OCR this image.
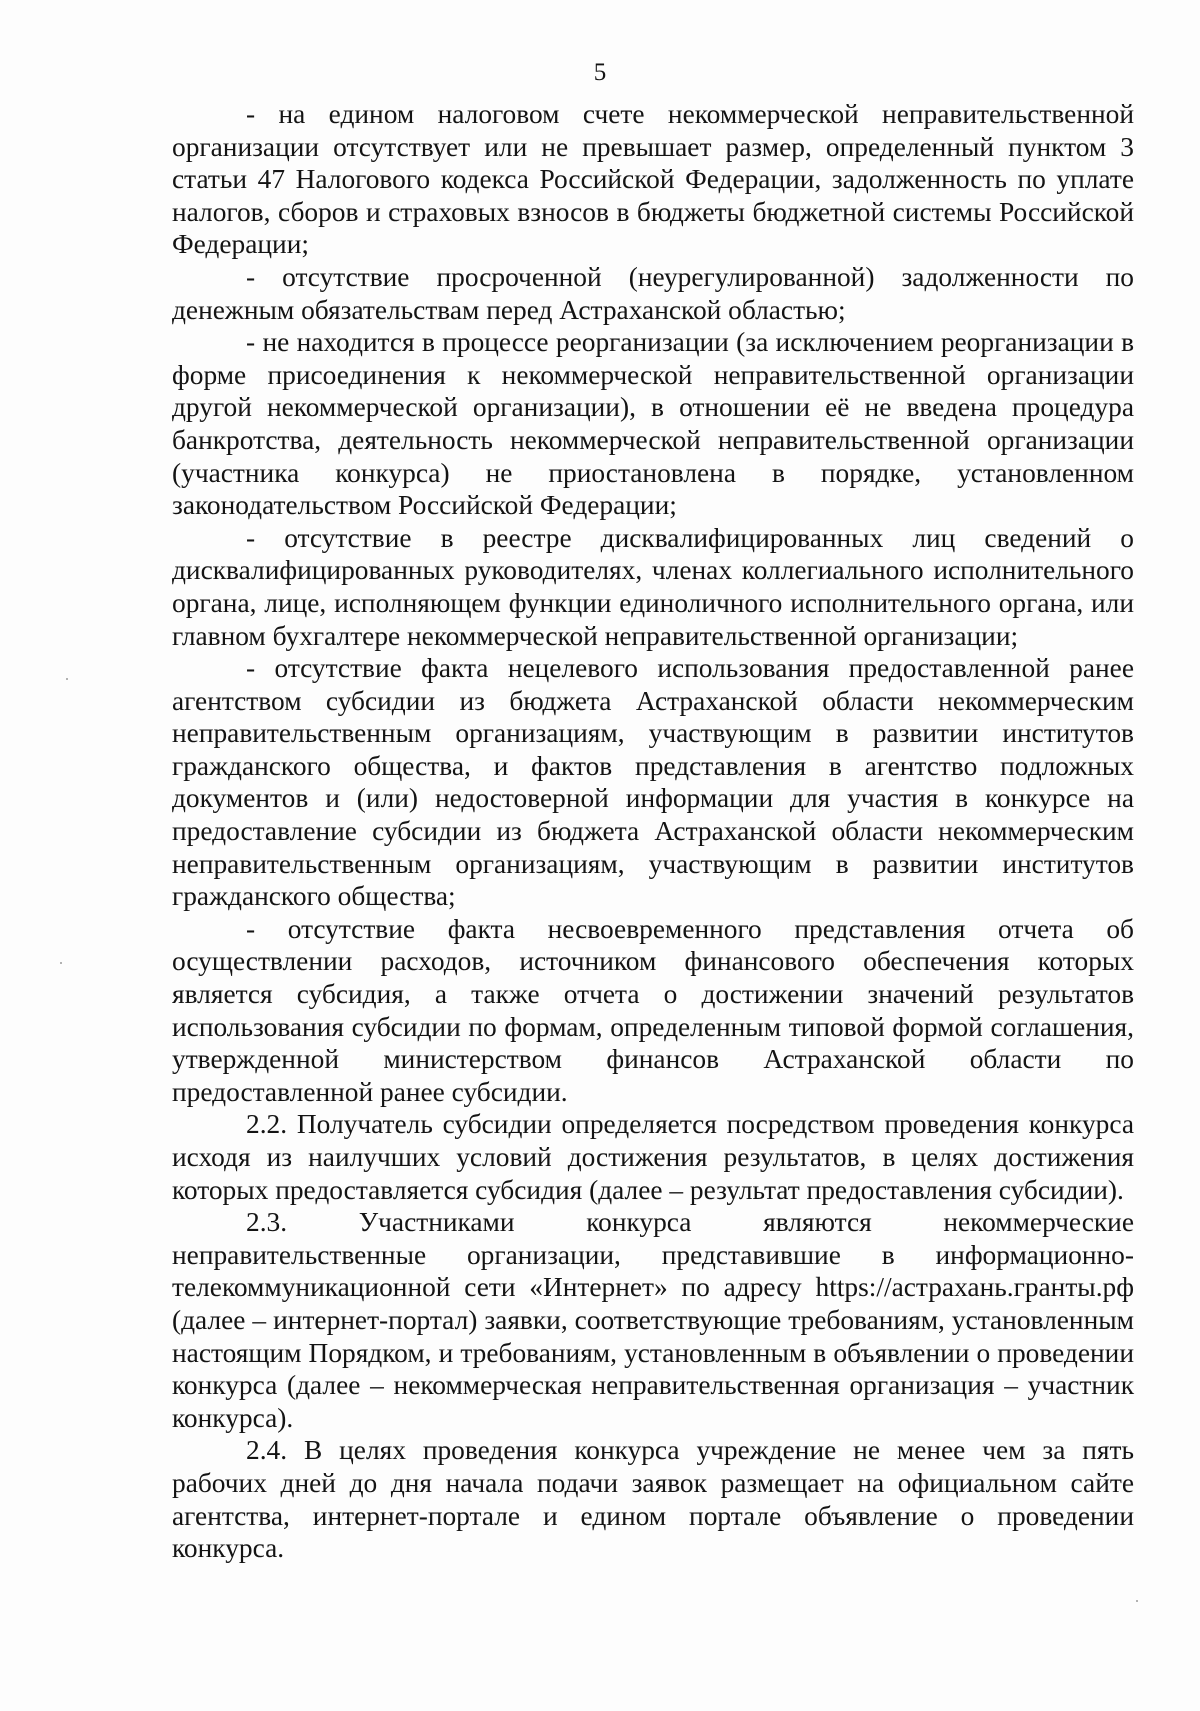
5

- на едином налоговом счете некоммерческой неправительственной организации отсутствует или не превышает размер, определенный пунктом 3 статьи 47 Налогового кодекса Российской Федерации, задолженность по уплате налогов, сборов и страховых взносов в бюджеты бюджетной системы Российской Федерации;

- отсутствие просроченной (неурегулированной) задолженности по денежным обязательствам перед Астраханской областью;

- не находится в процессе реорганизации (за исключением реорганизации в форме присоединения к некоммерческой неправительственной организации другой некоммерческой организации), в отношении её не введена процедура банкротства, деятельность некоммерческой неправительственной организации (участника конкурса) не приостановлена в порядке, установленном законодательством Российской Федерации;

- отсутствие в реестре дисквалифицированных лиц сведений о дисквалифицированных руководителях, членах коллегиального исполнительного органа, лице, исполняющем функции единоличного исполнительного органа, или главном бухгалтере некоммерческой неправительственной организации;

- отсутствие факта нецелевого использования предоставленной ранее агентством субсидии из бюджета Астраханской области некоммерческим неправительственным организациям, участвующим в развитии институтов гражданского общества, и фактов представления в агентство подложных документов и (или) недостоверной информации для участия в конкурсе на предоставление субсидии из бюджета Астраханской области некоммерческим неправительственным организациям, участвующим в развитии институтов гражданского общества;

- отсутствие факта несвоевременного представления отчета об осуществлении расходов, источником финансового обеспечения которых является субсидия, а также отчета о достижении значений результатов использования субсидии по формам, определенным типовой формой соглашения, утвержденной министерством финансов Астраханской области по предоставленной ранее субсидии.

2.2. Получатель субсидии определяется посредством проведения конкурса исходя из наилучших условий достижения результатов, в целях достижения которых предоставляется субсидия (далее – результат предоставления субсидии).

2.3. Участниками конкурса являются некоммерческие неправительственные организации, представившие в информационно-телекоммуникационной сети «Интернет» по адресу https://астрахань.гранты.рф (далее – интернет-портал) заявки, соответствующие требованиям, установленным настоящим Порядком, и требованиям, установленным в объявлении о проведении конкурса (далее – некоммерческая неправительственная организация – участник конкурса).

2.4. В целях проведения конкурса учреждение не менее чем за пять рабочих дней до дня начала подачи заявок размещает на официальном сайте агентства, интернет-портале и едином портале объявление о проведении конкурса.
